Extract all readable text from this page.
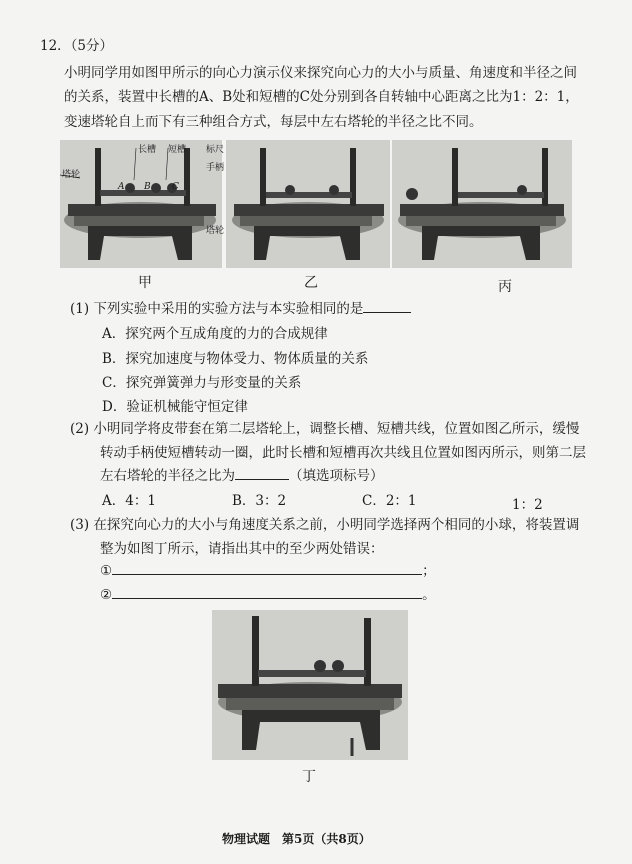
12．（5分）
小明同学用如图甲所示的向心力演示仪来探究向心力的大小与质量、角速度和半径之间
的关系，装置中长槽的A、B处和短槽的C处分别到各自转轴中心距离之比为1：2：1，
变速塔轮自上而下有三种组合方式，每层中左右塔轮的半径之比不同。
塔轮
长槽 短槽 标尺
手柄
塔轮
A B C
甲	乙	丙
(1) 下列实验中采用的实验方法与本实验相同的是
A．探究两个互成角度的力的合成规律
B．探究加速度与物体受力、物体质量的关系
C．探究弹簧弹力与形变量的关系
D．验证机械能守恒定律
(2) 小明同学将皮带套在第二层塔轮上，调整长槽、短槽共线，位置如图乙所示，缓慢
转动手柄使短槽转动一圈，此时长槽和短槽再次共线且位置如图丙所示，则第二层
左右塔轮的半径之比为	（填选项标号）
A．4：1	B．3：2	C．2：1	1：2
(3) 在探究向心力的大小与角速度关系之前，小明同学选择两个相同的小球，将装置调
整为如图丁所示，请指出其中的至少两处错误：
①	；
②	。
丁
物理试题　第5页（共8页）
